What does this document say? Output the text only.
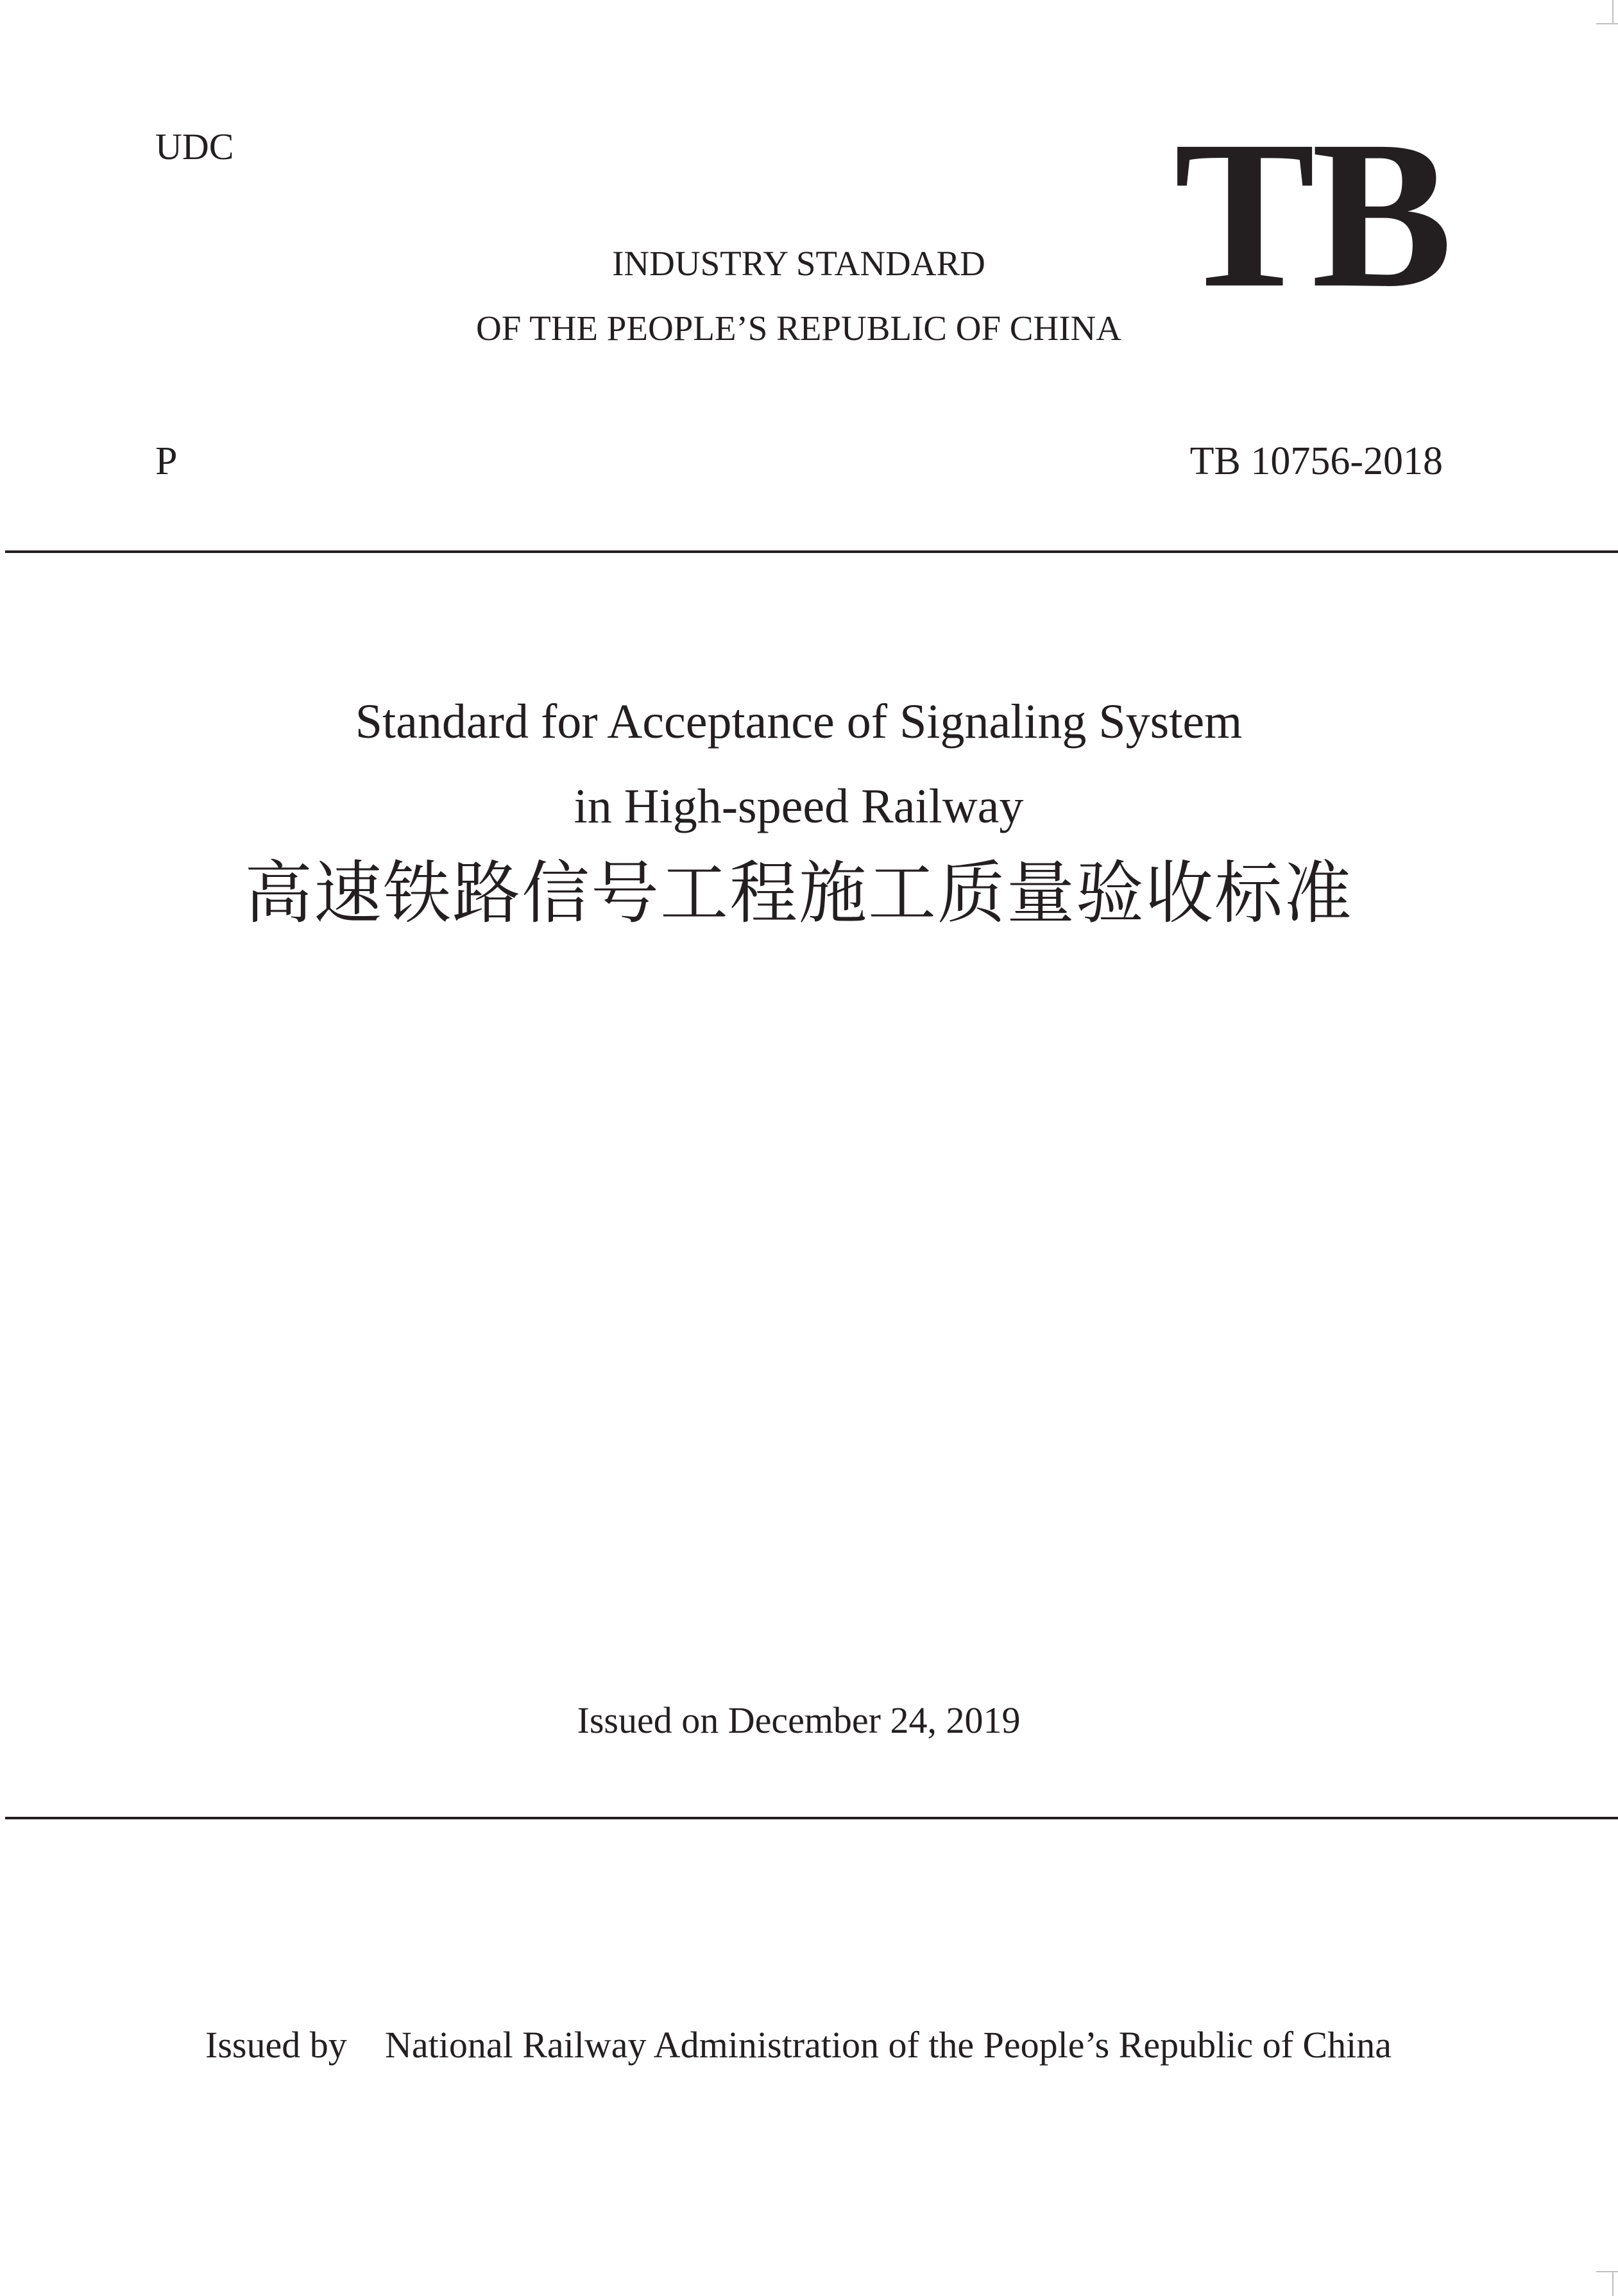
UDC	TB
INDUSTRY STANDARD
OF THE PEOPLE’S REPUBLIC OF CHINA
P	TB 10756-2018
Standard for Acceptance of Signaling System
in High-speed Railway
高速铁路信号工程施工质量验收标准
Issued on December 24, 2019
Issued by National Railway Administration of the People’s Republic of China
